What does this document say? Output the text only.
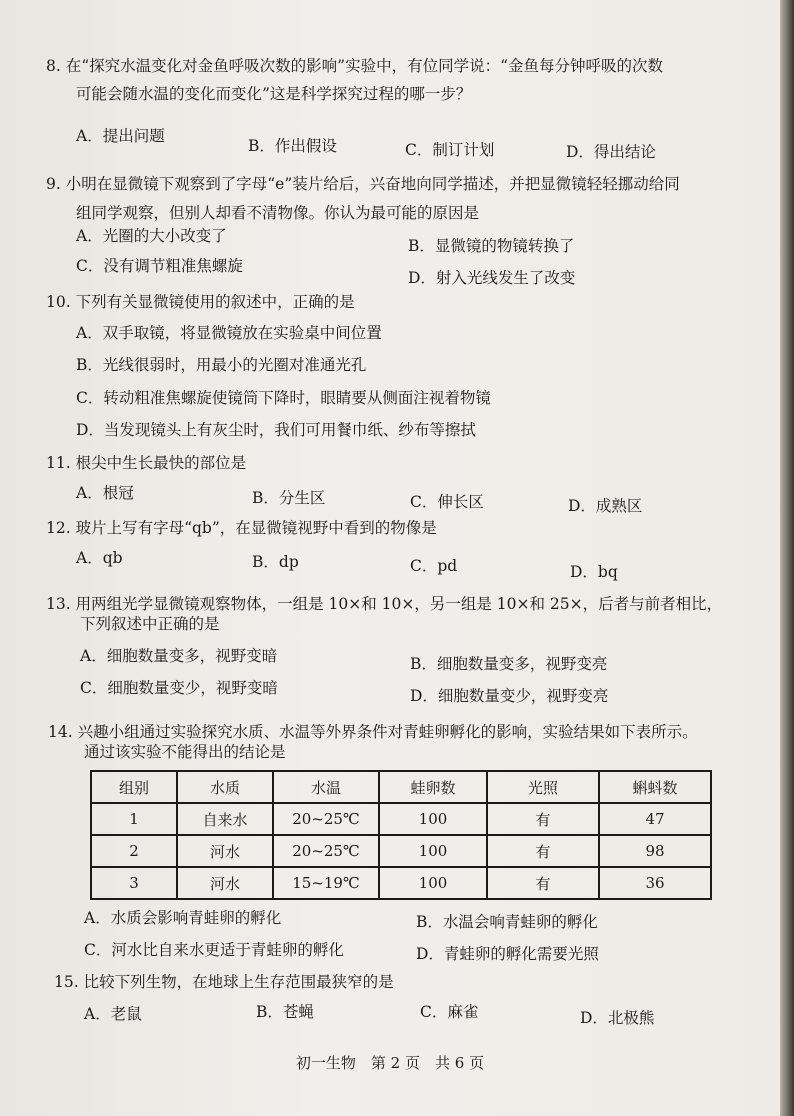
8. 在“探究水温变化对金鱼呼吸次数的影响”实验中，有位同学说：“金鱼每分钟呼吸的次数
可能会随水温的变化而变化”这是科学探究过程的哪一步？
A．提出问题
B．作出假设	C．制订计划	D．得出结论
9. 小明在显微镜下观察到了字母“e”装片给后，兴奋地向同学描述，并把显微镜轻轻挪动给同
组同学观察，但别人却看不清物像。你认为最可能的原因是
A．光圈的大小改变了
B．显微镜的物镜转换了
C．没有调节粗准焦螺旋
D．射入光线发生了改变
10. 下列有关显微镜使用的叙述中，正确的是
A．双手取镜，将显微镜放在实验桌中间位置
B．光线很弱时，用最小的光圈对准通光孔
C．转动粗准焦螺旋使镜筒下降时，眼睛要从侧面注视着物镜
D．当发现镜头上有灰尘时，我们可用餐巾纸、纱布等擦拭
11. 根尖中生长最快的部位是
A．根冠	B．分生区	C．伸长区	D．成熟区
12. 玻片上写有字母“qb”，在显微镜视野中看到的物像是
A．qb	B．dp	C．pd	D．bq
13. 用两组光学显微镜观察物体，一组是 10×和 10×，另一组是 10×和 25×，后者与前者相比，
下列叙述中正确的是
A．细胞数量变多，视野变暗	B．细胞数量变多，视野变亮
C．细胞数量变少，视野变暗	D．细胞数量变少，视野变亮
14. 兴趣小组通过实验探究水质、水温等外界条件对青蛙卵孵化的影响，实验结果如下表所示。
通过该实验不能得出的结论是
组别	水质	水温	蛙卵数	光照	蝌蚪数
1	自来水	20~25℃	100	有	47
2	河水	20~25℃	100	有	98
3	河水	15~19℃	100	有	36
A．水质会影响青蛙卵的孵化	B．水温会响青蛙卵的孵化
C．河水比自来水更适于青蛙卵的孵化	D．青蛙卵的孵化需要光照
15. 比较下列生物，在地球上生存范围最狭窄的是
A．老鼠	B．苍蝇	C．麻雀	D．北极熊
初一生物　第 2 页　共 6 页
